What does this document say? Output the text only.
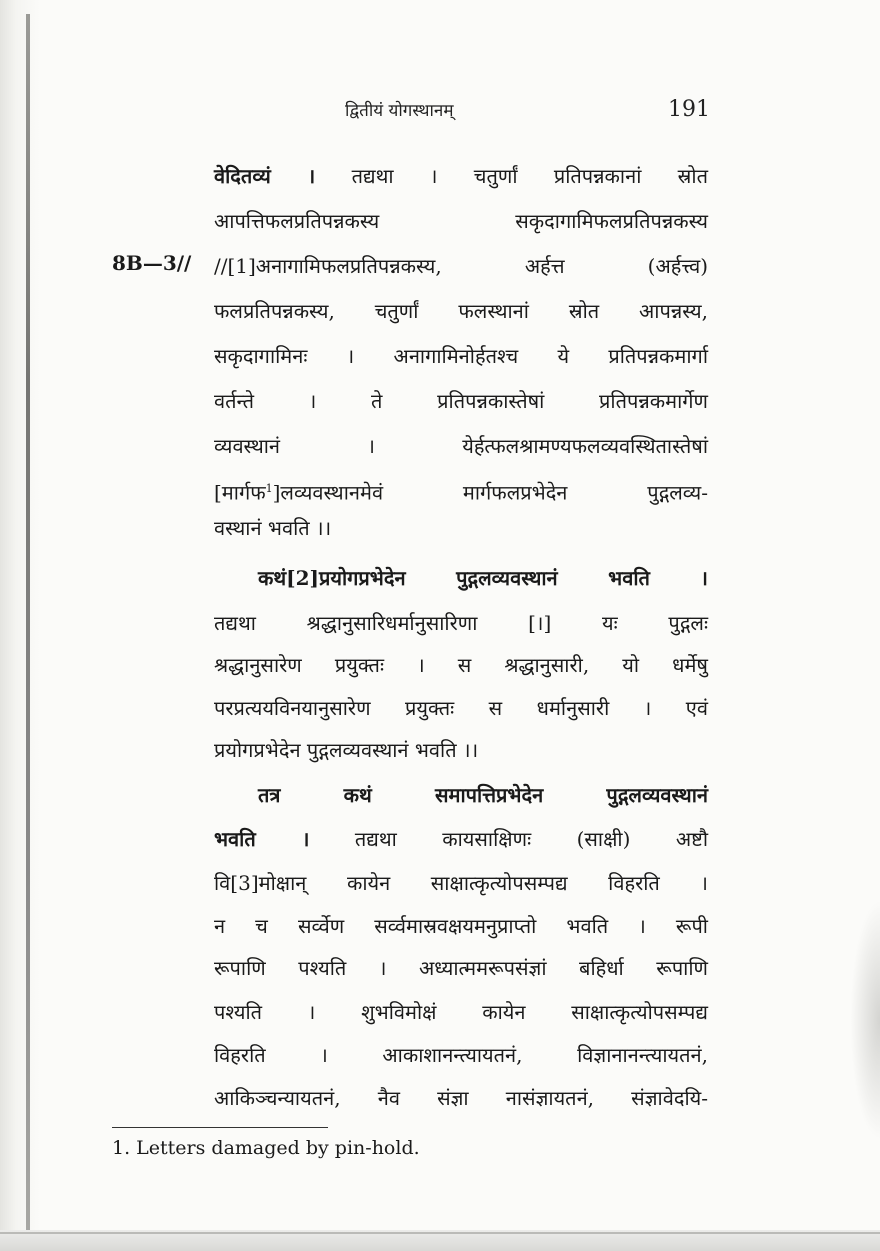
द्वितीयं योगस्थानम्	191
8B—3//
वेदितव्यं । तद्यथा । चतुर्णां प्रतिपन्नकानां स्रोत
आपत्तिफलप्रतिपन्नकस्य सकृदागामिफलप्रतिपन्नकस्य
//[1]अनागामिफलप्रतिपन्नकस्य, अर्हत्त (अर्हत्त्व)
फलप्रतिपन्नकस्य, चतुर्णां फलस्थानां स्रोत आपन्नस्य,
सकृदागामिनः । अनागामिनोर्हतश्च ये प्रतिपन्नकमार्गा
वर्तन्ते । ते प्रतिपन्नकास्तेषां प्रतिपन्नकमार्गेण
व्यवस्थानं । येर्हत्फलश्रामण्यफलव्यवस्थितास्तेषां
[मार्गफ$^1$]लव्यवस्थानमेवं मार्गफलप्रभेदेन पुद्गलव्य-
वस्थानं भवति ।।
कथं[2]प्रयोगप्रभेदेन पुद्गलव्यवस्थानं भवति ।
तद्यथा श्रद्धानुसारिधर्मानुसारिणा [।] यः पुद्गलः
श्रद्धानुसारेण प्रयुक्तः । स श्रद्धानुसारी, यो धर्मेषु
परप्रत्ययविनयानुसारेण प्रयुक्तः स धर्मानुसारी । एवं
प्रयोगप्रभेदेन पुद्गलव्यवस्थानं भवति ।।
तत्र कथं समापत्तिप्रभेदेन पुद्गलव्यवस्थानं
भवति । तद्यथा कायसाक्षिणः (साक्षी) अष्टौ
वि[3]मोक्षान् कायेन साक्षात्कृत्योपसम्पद्य विहरति ।
न च सर्व्वेण सर्व्वमास्रवक्षयमनुप्राप्तो भवति । रूपी
रूपाणि पश्यति । अध्यात्ममरूपसंज्ञां बहिर्धा रूपाणि
पश्यति । शुभविमोक्षं कायेन साक्षात्कृत्योपसम्पद्य
विहरति । आकाशानन्त्यायतनं, विज्ञानानन्त्यायतनं,
आकिञ्चन्यायतनं, नैव संज्ञा नासंज्ञायतनं, संज्ञावेदयि-
1. Letters damaged by pin-hold.
